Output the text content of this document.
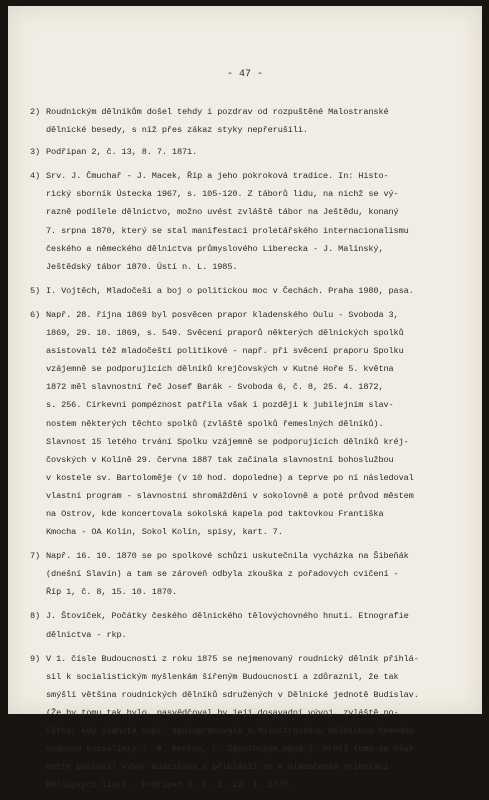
- 47 -
2) Roudnickým dělníkům došel tehdy i pozdrav od rozpuštěné Malostranské
dělnické besedy, s níž přes zákaz styky nepřerušili.
3) Podřipan 2, č. 13, 8. 7. 1871.
4) Srv. J. Čmuchař - J. Macek, Říp a jeho pokroková tradice. In: Histo-
rický sborník Ústecka 1967, s. 105-120. Z táborů lidu, na nichž se vý-
razně podílele dělnictvo, možno uvést zvláště tábor na Ještědu, konaný
7. srpna 1870, který se stal manifestací proletářského internacionalismu
českého a německého dělnictva průmyslového Liberecka - J. Malínský,
Ještědský tábor 1870. Ústí n. L. 1985.
5) I. Vojtěch, Mladočeši a boj o politickou moc v Čechách. Praha 1980, pasa.
6) Např. 28. října 1869 byl posvěcen prapor kladenského Oulu - Svoboda 3,
1869, 29. 10. 1869, s. 549. Svěcení praporů některých dělnických spolků
asistovali též mladočeští politikové - např. při svěcení praporu Spolku
vzájemně se podporujících dělníků krejčovských v Kutné Hoře 5. května
1872 měl slavnostní řeč Josef Barák - Svoboda 6, č. 8, 25. 4. 1872,
s. 256. Církevní pompéznost patřila však i později k jubilejním slav-
nostem některých těchto spolků (zvláště spolků řemeslných dělníků).
Slavnost 15 letého trvání Spolku vzájemně se podporujících dělníků kréj-
čovských v Kolíně 29. června 1887 tak začínala slavnostní bohoslužbou
v kostele sv. Bartoloměje (v 10 hod. dopoledne) a teprve po ní následoval
vlastní program - slavnostní shromáždění v sokolovně a poté průvod městem
na Ostrov, kde koncertovala sokolská kapela pod taktovkou Františka
Kmocha - OA Kolín, Sokol Kolín, spisy, kart. 7.
7) Např. 16. 10. 1870 se po spolkové schůzi uskutečnila vycházka na Šibeňák
(dnešní Slavín) a tam se zároveň odbyla zkouška z pořadových cvičení -
Říp 1, č. 8, 15. 10. 1870.
8) J. Štovíček, Počátky českého dělnického tělovýchovného hnutí. Etnografie
dělnictva - rkp.
9) V 1. čísle Budoucnosti z roku 1875 se nejmenovaný roudnický dělník přihlá-
sil k socialistickým myšlenkám šířeným Budoucností a zdůraznil, že tak
smýšlí většina roudnických dělníků sdružených v Dělnické jednotě Budislav.
(Že by tomu tak bylo, nasvědčoval by její dosavadní vývoj, zvláště po-
čátky, kdy jednota např. spolupracovala s Malostranskou dělnickou besedou
vedenou socialisty J. B. Peckou, L. Zápotockým apod.). Proti tomu se však
ostře postavil výbor Budislava a přihlásil se k mladočeské orientaci
Dělnických listů - Podřipan 6, č. 2, 23. 1. 1875.
